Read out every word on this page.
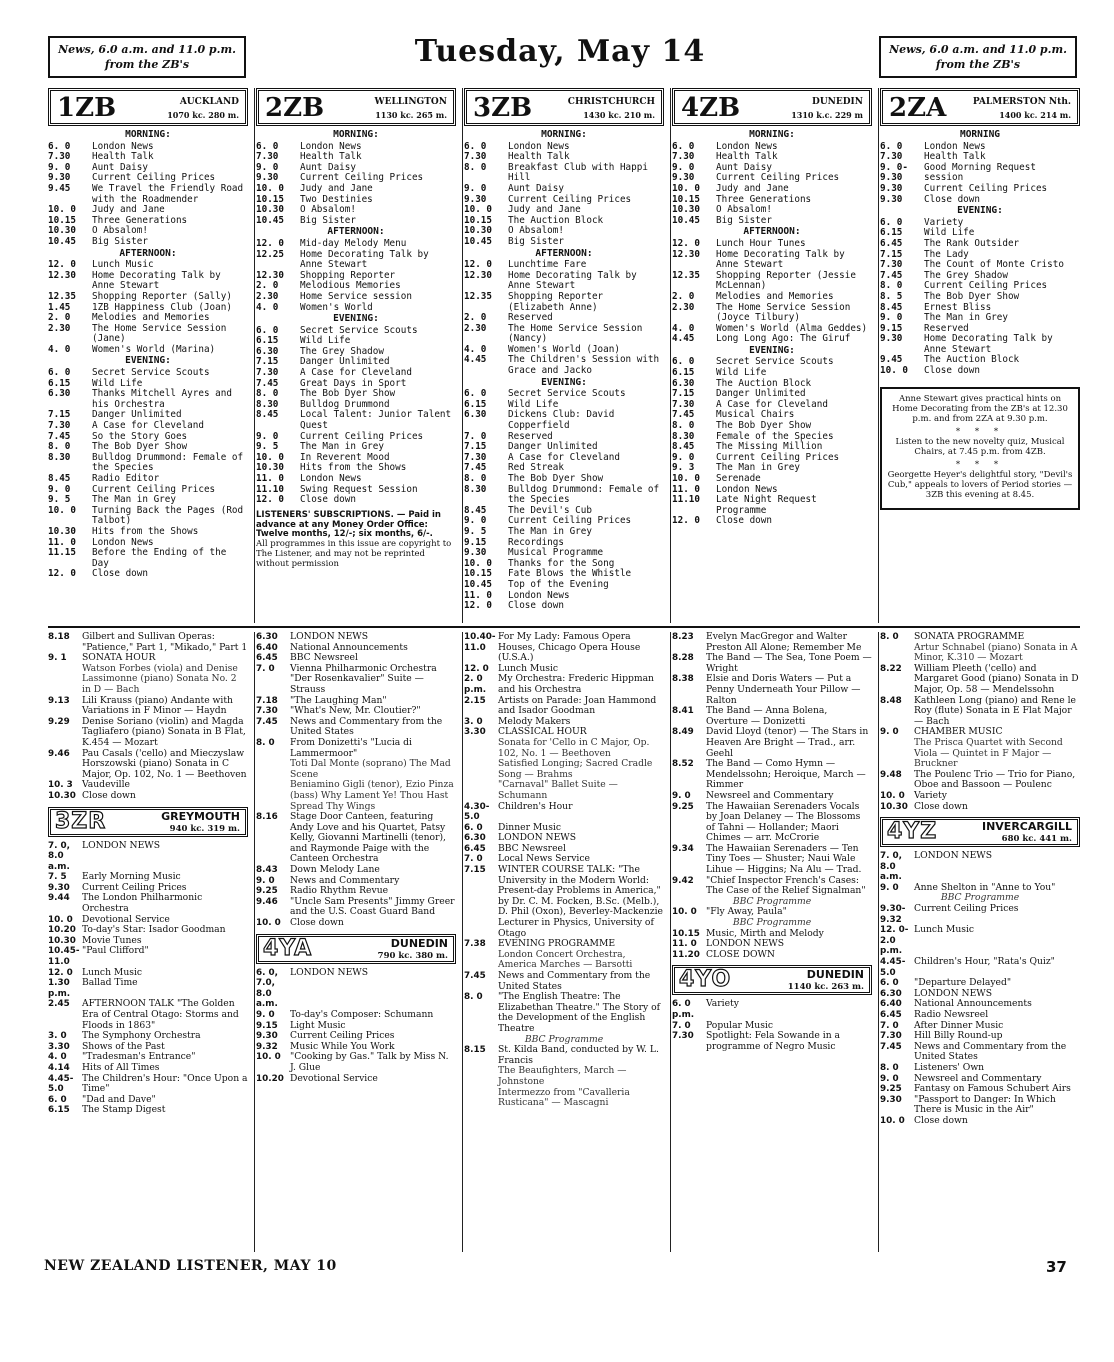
News, 6.0 a.m. and 11.0 p.m.
from the ZB's	Tuesday, May 14	News, 6.0 a.m. and 11.0 p.m.
from the ZB's
1ZB	AUCKLAND
1070 kc. 280 m.
MORNING:
6. 0	London News
7.30	Health Talk
9. 0	Aunt Daisy
9.30	Current Ceiling Prices
9.45	We Travel the Friendly Road with the Roadmender
10. 0	Judy and Jane
10.15	Three Generations
10.30	O Absalom!
10.45	Big Sister
AFTERNOON:
12. 0	Lunch Music
12.30	Home Decorating Talk by Anne Stewart
12.35	Shopping Reporter (Sally)
1.45	1ZB Happiness Club (Joan)
2. 0	Melodies and Memories
2.30	The Home Service Session (Jane)
4. 0	Women's World (Marina)
EVENING:
6. 0	Secret Service Scouts
6.15	Wild Life
6.30	Thanks Mitchell Ayres and his Orchestra
7.15	Danger Unlimited
7.30	A Case for Cleveland
7.45	So the Story Goes
8. 0	The Bob Dyer Show
8.30	Bulldog Drummond: Female of the Species
8.45	Radio Editor
9. 0	Current Ceiling Prices
9. 5	The Man in Grey
10. 0	Turning Back the Pages (Rod Talbot)
10.30	Hits from the Shows
11. 0	London News
11.15	Before the Ending of the Day
12. 0	Close down
2ZB	WELLINGTON
1130 kc. 265 m.
MORNING:
6. 0	London News
7.30	Health Talk
9. 0	Aunt Daisy
9.30	Current Ceiling Prices
10. 0	Judy and Jane
10.15	Two Destinies
10.30	O Absalom!
10.45	Big Sister
AFTERNOON:
12. 0	Mid-day Melody Menu
12.25	Home Decorating Talk by Anne Stewart
12.30	Shopping Reporter
2. 0	Melodious Memories
2.30	Home Service session
4. 0	Women's World
EVENING:
6. 0	Secret Service Scouts
6.15	Wild Life
6.30	The Grey Shadow
7.15	Danger Unlimited
7.30	A Case for Cleveland
7.45	Great Days in Sport
8. 0	The Bob Dyer Show
8.30	Bulldog Drummond
8.45	Local Talent: Junior Talent Quest
9. 0	Current Ceiling Prices
9. 5	The Man in Grey
10. 0	In Reverent Mood
10.30	Hits from the Shows
11. 0	London News
11.10	Swing Request Session
12. 0	Close down
LISTENERS' SUBSCRIPTIONS. — Paid in advance at any Money Order Office: Twelve months, 12/-; six months, 6/-.
All programmes in this issue are copyright to The Listener, and may not be reprinted without permission
3ZB	CHRISTCHURCH
1430 kc. 210 m.
MORNING:
6. 0	London News
7.30	Health Talk
8. 0	Breakfast Club with Happi Hill
9. 0	Aunt Daisy
9.30	Current Ceiling Prices
10. 0	Judy and Jane
10.15	The Auction Block
10.30	O Absalom!
10.45	Big Sister
AFTERNOON:
12. 0	Lunchtime Fare
12.30	Home Decorating Talk by Anne Stewart
12.35	Shopping Reporter (Elizabeth Anne)
2. 0	Reserved
2.30	The Home Service Session (Nancy)
4. 0	Women's World (Joan)
4.45	The Children's Session with Grace and Jacko
EVENING:
6. 0	Secret Service Scouts
6.15	Wild Life
6.30	Dickens Club: David Copperfield
7. 0	Reserved
7.15	Danger Unlimited
7.30	A Case for Cleveland
7.45	Red Streak
8. 0	The Bob Dyer Show
8.30	Bulldog Drummond: Female of the Species
8.45	The Devil's Cub
9. 0	Current Ceiling Prices
9. 5	The Man in Grey
9.15	Recordings
9.30	Musical Programme
10. 0	Thanks for the Song
10.15	Fate Blows the Whistle
10.45	Top of the Evening
11. 0	London News
12. 0	Close down
4ZB	DUNEDIN
1310 k.c. 229 m
MORNING:
6. 0	London News
7.30	Health Talk
9. 0	Aunt Daisy
9.30	Current Ceiling Prices
10. 0	Judy and Jane
10.15	Three Generations
10.30	O Absalom!
10.45	Big Sister
AFTERNOON:
12. 0	Lunch Hour Tunes
12.30	Home Decorating Talk by Anne Stewart
12.35	Shopping Reporter (Jessie McLennan)
2. 0	Melodies and Memories
2.30	The Home Service Session (Joyce Tilbury)
4. 0	Women's World (Alma Geddes)
4.45	Long Long Ago: The Giruf
EVENING:
6. 0	Secret Service Scouts
6.15	Wild Life
6.30	The Auction Block
7.15	Danger Unlimited
7.30	A Case for Cleveland
7.45	Musical Chairs
8. 0	The Bob Dyer Show
8.30	Female of the Species
8.45	The Missing Million
9. 0	Current Ceiling Prices
9. 3	The Man in Grey
10. 0	Serenade
11. 0	London News
11.10	Late Night Request Programme
12. 0	Close down
2ZA	PALMERSTON Nth.
1400 kc. 214 m.
MORNING
6. 0	London News
7.30	Health Talk
9. 0-9.30
Good Morning Request session
9.30	Current Ceiling Prices
9.30	Close down
EVENING:
6. 0	Variety
6.15	Wild Life
6.45	The Rank Outsider
7.15	The Lady
7.30	The Count of Monte Cristo
7.45	The Grey Shadow
8. 0	Current Ceiling Prices
8. 5	The Bob Dyer Show
8.45	Ernest Bliss
9. 0	The Man in Grey
9.15	Reserved
9.30	Home Decorating Talk by Anne Stewart
9.45	The Auction Block
10. 0	Close down

Anne Stewart gives practical hints on Home Decorating from the ZB's at 12.30 p.m. and from 2ZA at 9.30 p.m.

* * *

Listen to the new novelty quiz, Musical Chairs, at 7.45 p.m. from 4ZB.

* * *

Georgette Heyer's delightful story, "Devil's Cub," appeals to lovers of Period stories — 3ZB this evening at 8.45.

8.18	Gilbert and Sullivan Operas: "Patience," Part 1, "Mikado," Part 1
9. 1	SONATA HOUR
Watson Forbes (viola) and Denise Lassimonne (piano) Sonata No. 2 in D — Bach
9.13	Lili Krauss (piano) Andante with Variations in F Minor — Haydn
9.29	Denise Soriano (violin) and Magda Tagliafero (piano) Sonata in B Flat, K.454 — Mozart
9.46	Pau Casals ('cello) and Mieczyslaw Horszowski (piano) Sonata in C Major, Op. 102, No. 1 — Beethoven
10. 3	Vaudeville
10.30 Close down
3ZR	GREYMOUTH
940 kc. 319 m.
7. 0, 8.0 a.m.
LONDON NEWS
7. 5	Early Morning Music
9.30	Current Ceiling Prices
9.44	The London Philharmonic Orchestra
10. 0	Devotional Service
10.20 To-day's Star: Isador Goodman
10.30 Movie Tunes
10.45-11.0
"Paul Clifford"
12. 0	Lunch Music
1.30 p.m.
Ballad Time
2.45	AFTERNOON TALK "The Golden Era of Central Otago: Storms and Floods in 1863"
3. 0	The Symphony Orchestra
3.30	Shows of the Past
4. 0	"Tradesman's Entrance"
4.14	Hits of All Times
4.45-5.0
The Children's Hour: "Once Upon a Time"
6. 0	"Dad and Dave"
6.15	The Stamp Digest
6.30	LONDON NEWS
6.40	National Announcements
6.45	BBC Newsreel
7. 0	Vienna Philharmonic Orchestra "Der Rosenkavalier" Suite — Strauss
7.18	"The Laughing Man"
7.30	"What's New, Mr. Cloutier?"
7.45	News and Commentary from the United States
8. 0	From Donizetti's "Lucia di Lammermoor"
Toti Dal Monte (soprano) The Mad Scene
Beniamino Gigli (tenor), Ezio Pinza (bass) Why Lament Ye! Thou Hast Spread Thy Wings
8.16	Stage Door Canteen, featuring Andy Love and his Quartet, Patsy Kelly, Giovanni Martinelli (tenor), and Raymonde Paige with the Canteen Orchestra
8.43	Down Melody Lane
9. 0	News and Commentary
9.25	Radio Rhythm Revue
9.46	"Uncle Sam Presents" Jimmy Greer and the U.S. Coast Guard Band
10. 0	Close down
4YA	DUNEDIN
790 kc. 380 m.
6. 0, 7.0, 8.0 a.m.
LONDON NEWS
9. 0	To-day's Composer: Schumann
9.15	Light Music
9.30	Current Ceiling Prices
9.32	Music While You Work
10. 0	"Cooking by Gas." Talk by Miss N. J. Glue
10.20 Devotional Service
10.40-11.0
For My Lady: Famous Opera Houses, Chicago Opera House (U.S.A.)
12. 0	Lunch Music
2. 0 p.m.
My Orchestra: Frederic Hippman and his Orchestra
2.15	Artists on Parade: Joan Hammond and Isador Goodman
3. 0	Melody Makers
3.30	CLASSICAL HOUR
Sonata for 'Cello in C Major, Op. 102, No. 1 — Beethoven
Satisfied Longing; Sacred Cradle Song — Brahms
"Carnaval" Ballet Suite — Schumann
4.30-5.0
Children's Hour
6. 0	Dinner Music
6.30	LONDON NEWS
6.45	BBC Newsreel
7. 0	Local News Service
7.15	WINTER COURSE TALK: "The University in the Modern World: Present-day Problems in America," by Dr. C. M. Focken, B.Sc. (Melb.), D. Phil (Oxon), Beverley-Mackenzie Lecturer in Physics, University of Otago
7.38	EVENING PROGRAMME
London Concert Orchestra, America Marches — Barsotti
7.45	News and Commentary from the United States
8. 0	"The English Theatre: The Elizabethan Theatre." The Story of the Development of the English Theatre
BBC Programme
8.15	St. Kilda Band, conducted by W. L. Francis
The Beaufighters, March — Johnstone
Intermezzo from "Cavalleria Rusticana" — Mascagni
8.23	Evelyn MacGregor and Walter Preston All Alone; Remember Me
8.28	The Band — The Sea, Tone Poem — Wright
8.38	Elsie and Doris Waters — Put a Penny Underneath Your Pillow — Ralton
8.41	The Band — Anna Bolena, Overture — Donizetti
8.49	David Lloyd (tenor) — The Stars in Heaven Are Bright — Trad., arr. Geehl
8.52	The Band — Como Hymn — Mendelssohn; Heroique, March — Rimmer
9. 0	Newsreel and Commentary
9.25	The Hawaiian Serenaders Vocals by Joan Delaney — The Blossoms of Tahni — Hollander; Maori Chimes — arr. McCrorie
9.34	The Hawaiian Serenaders — Ten Tiny Toes — Shuster; Naui Wale Lihue — Higgins; Na Alu — Trad.
9.42	"Chief Inspector French's Cases: The Case of the Relief Signalman"
BBC Programme
10. 0	"Fly Away, Paula"
BBC Programme
10.15 Music, Mirth and Melody
11. 0	LONDON NEWS
11.20 CLOSE DOWN
4YO	DUNEDIN
1140 kc. 263 m.
6. 0 p.m.
Variety
7. 0	Popular Music
7.30	Spotlight: Fela Sowande in a programme of Negro Music
8. 0	SONATA PROGRAMME
Artur Schnabel (piano) Sonata in A Minor, K.310 — Mozart
8.22	William Pleeth ('cello) and Margaret Good (piano) Sonata in D Major, Op. 58 — Mendelssohn
8.48	Kathleen Long (piano) and Rene le Roy (flute) Sonata in E Flat Major — Bach
9. 0	CHAMBER MUSIC
The Prisca Quartet with Second Viola — Quintet in F Major — Bruckner
9.48	The Poulenc Trio — Trio for Piano, Oboe and Bassoon — Poulenc
10. 0	Variety
10.30 Close down
4YZ	INVERCARGILL
680 kc. 441 m.
7. 0, 8.0 a.m.
LONDON NEWS
9. 0	Anne Shelton in "Anne to You"
BBC Programme
9.30-9.32
Current Ceiling Prices
12. 0-2.0 p.m.
Lunch Music
4.45-5.0
Children's Hour, "Rata's Quiz"
6. 0	"Departure Delayed"
6.30	LONDON NEWS
6.40	National Announcements
6.45	Radio Newsreel
7. 0	After Dinner Music
7.30	Hill Billy Round-up
7.45	News and Commentary from the United States
8. 0	Listeners' Own
9. 0	Newsreel and Commentary
9.25	Fantasy on Famous Schubert Airs
9.30	"Passport to Danger: In Which There is Music in the Air"
10. 0	Close down
NEW ZEALAND LISTENER, MAY 10	37
